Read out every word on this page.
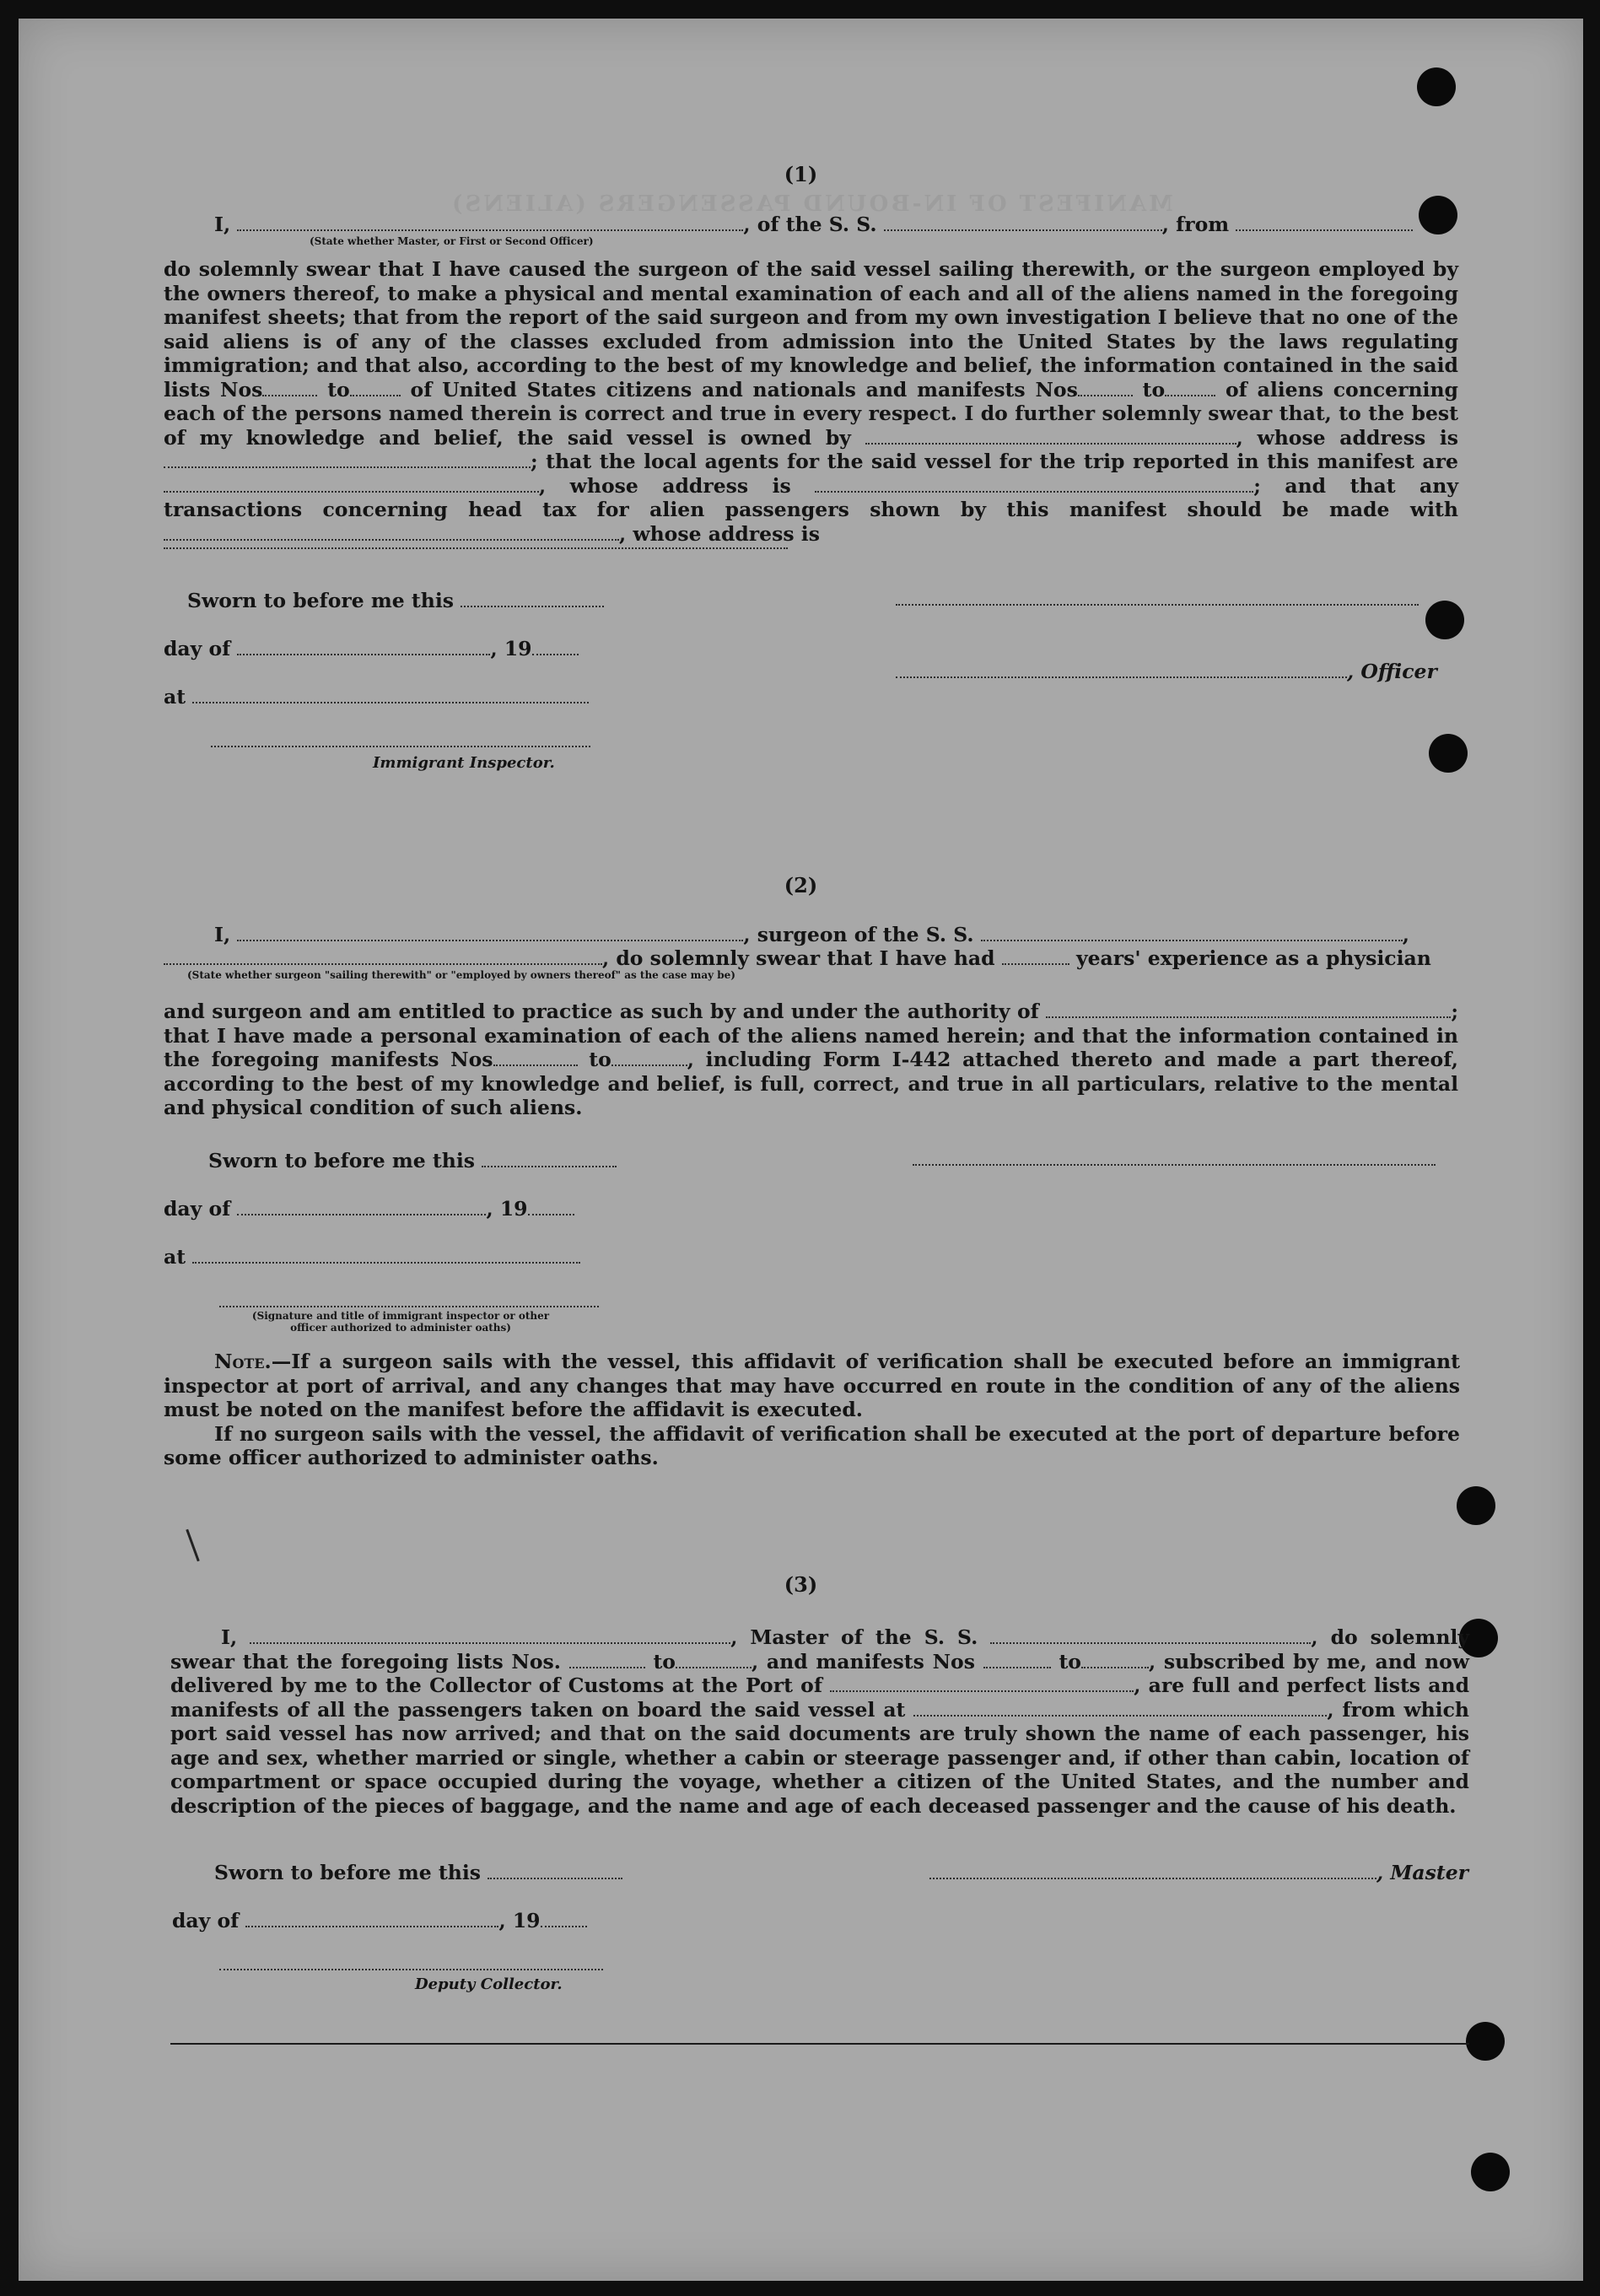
MANIFEST OF IN-BOUND PASSENGERS (ALIENS)
(1)
I,	, of the S. S.	, from
(State whether Master, or First or Second Officer)

do solemnly swear that I have caused the surgeon of the said vessel sailing therewith, or the surgeon employed by the owners thereof, to make a physical and mental examination of each and all of the aliens named in the foregoing manifest sheets; that from the report of the said surgeon and from my own investigation I believe that no one of the said aliens is of any of the classes excluded from admission into the United States by the laws regulating immigration; and that also, according to the best of my knowledge and belief, the information contained in the said lists Nos	to	of United States citizens and nationals and manifests Nos	to	of aliens concerning each of the persons named therein is correct and true in every respect. I do further solemnly swear that, to the best of my knowledge and belief, the said vessel is owned by	, whose address is ; that the local agents for the said vessel for the trip reported in this manifest are , whose address is	; and that any transactions concerning head tax for alien passengers shown by this manifest should be made with , whose address is

Sworn to before me this
day of	, 19
, Officer
at
Immigrant Inspector.
(2)
I,	, surgeon of the S. S.	,
, do solemnly swear that I have had	years' experience as a physician
(State whether surgeon "sailing therewith" or "employed by owners thereof" as the case may be)

and surgeon and am entitled to practice as such by and under the authority of	; that I have made a personal examination of each of the aliens named herein; and that the information contained in the foregoing manifests Nos	to	, including Form I-442 attached thereto and made a part thereof, according to the best of my knowledge and belief, is full, correct, and true in all particulars, relative to the mental and physical condition of such aliens.

Sworn to before me this
day of	, 19
at
(Signature and title of immigrant inspector or other officer authorized to administer oaths)

Note.—If a surgeon sails with the vessel, this affidavit of verification shall be executed before an immigrant inspector at port of arrival, and any changes that may have occurred en route in the condition of any of the aliens must be noted on the manifest before the affidavit is executed.

If no surgeon sails with the vessel, the affidavit of verification shall be executed at the port of departure before some officer authorized to administer oaths.

(3)

I,	, Master of the S. S.	, do solemnly swear that the foregoing lists Nos.	to	, and manifests Nos	to	, subscribed by me, and now delivered by me to the Collector of Customs at the Port of	, are full and perfect lists and manifests of all the passengers taken on board the said vessel at	, from which port said vessel has now arrived; and that on the said documents are truly shown the name of each passenger, his age and sex, whether married or single, whether a cabin or steerage passenger and, if other than cabin, location of compartment or space occupied during the voyage, whether a citizen of the United States, and the number and description of the pieces of baggage, and the name and age of each deceased passenger and the cause of his death.

Sworn to before me this	, Master
day of	, 19
Deputy Collector.
